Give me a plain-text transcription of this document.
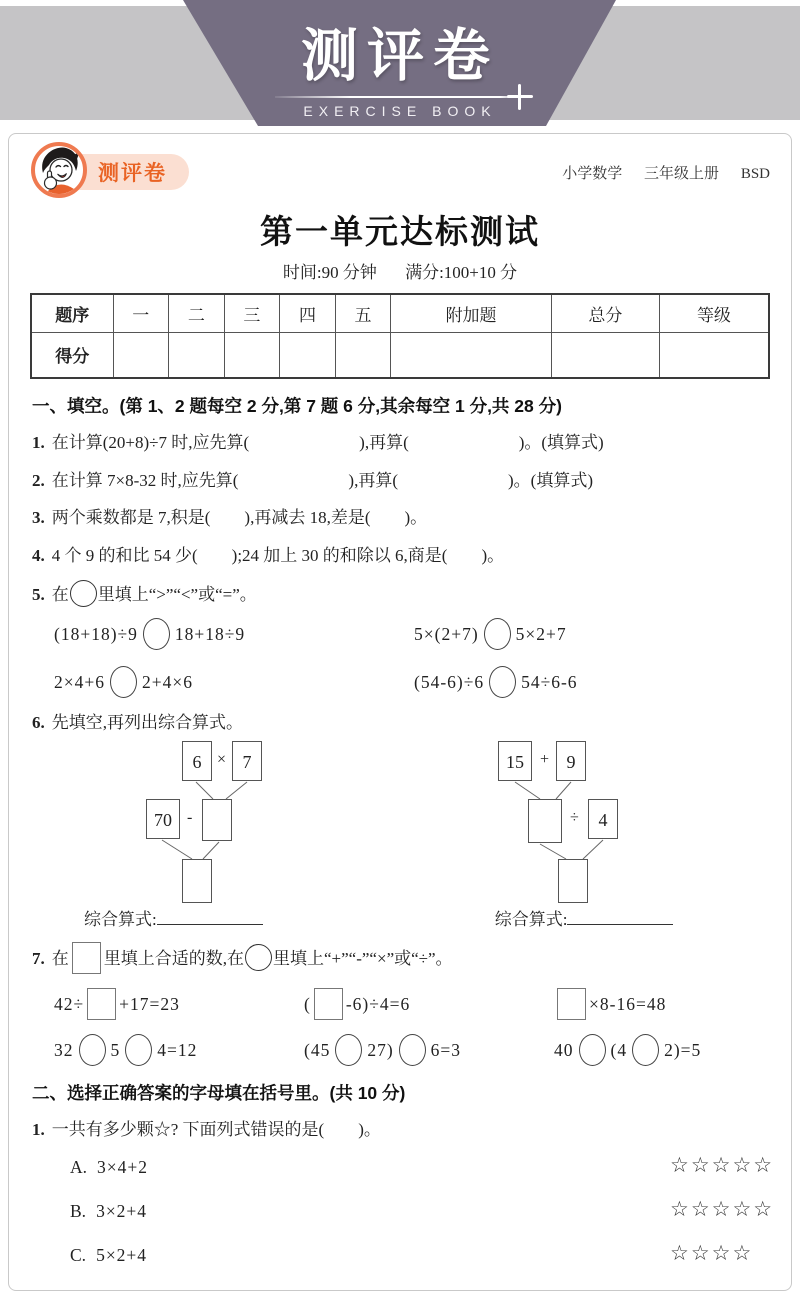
测评卷
EXERCISE BOOK
测评卷	小学数学 三年级上册 BSD
第一单元达标测试
时间:90 分钟 满分:100+10 分
题序	一	二	三	四	五	附加题	总分	等级
得分								
一、填空。(第 1、2 题每空 2 分,第 7 题 6 分,其余每空 1 分,共 28 分)
1. 在计算(20+8)÷7 时,应先算(	),再算(	)。(填算式)
2. 在计算 7×8-32 时,应先算(	),再算(	)。(填算式)
3. 两个乘数都是 7,积是( ),再减去 18,差是( )。
4. 4 个 9 的和比 54 少( );24 加上 30 的和除以 6,商是( )。
5. 在 里填上“>”“<”或“=”。
(18+18)÷9 18+18÷9	5×(2+7) 5×2+7
2×4+6 2+4×6	(54-6)÷6 54÷6-6
6. 先填空,再列出综合算式。
6 × 7
70 -
15	+ 9
÷	4
综合算式:	综合算式:
7. 在 里填上合适的数,在 里填上“+”“-”“×”或“÷”。
42÷ +17=23	( -6)÷4=6	×8-16=48
32 5 4=12	(45 27) 6=3	40 (4 2)=5
二、选择正确答案的字母填在括号里。(共 10 分)
1. 一共有多少颗☆? 下面列式错误的是( )。
A. 3×4+2	☆☆☆☆☆
B. 3×2+4	☆☆☆☆☆
C. 5×2+4	☆☆☆☆
